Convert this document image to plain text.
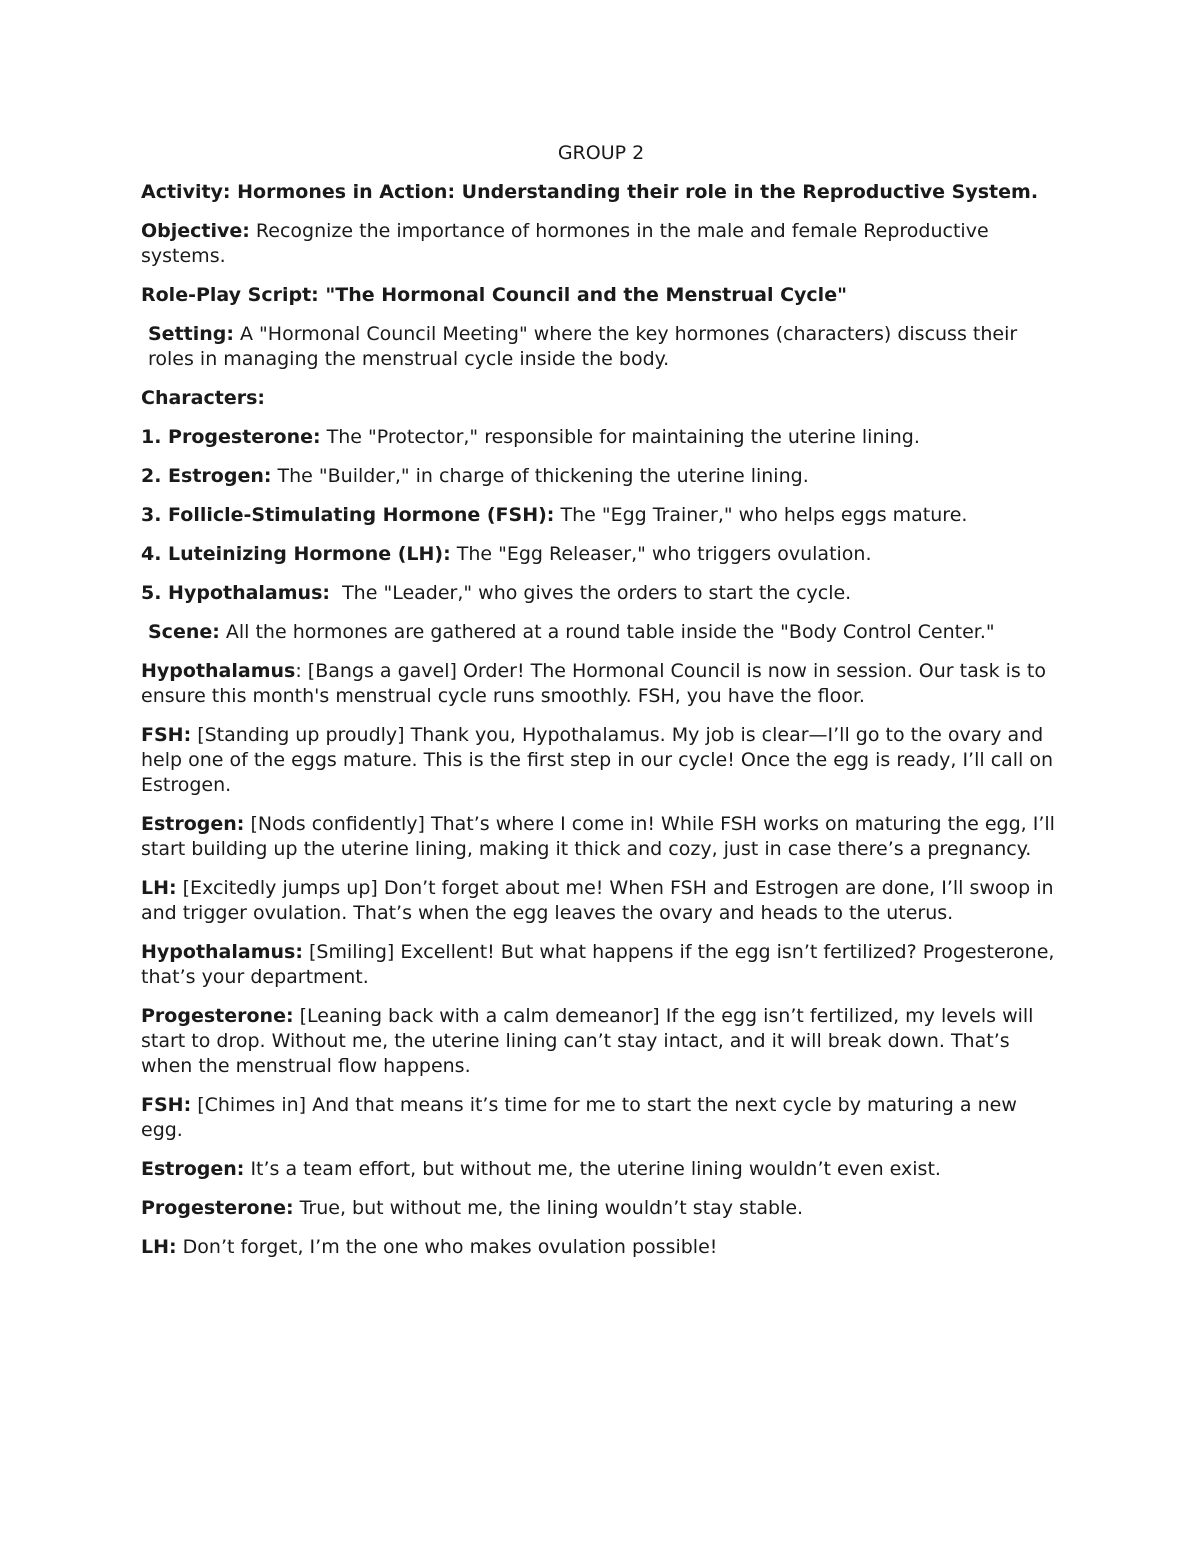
GROUP 2

Activity: Hormones in Action: Understanding their role in the Reproductive System.

Objective: Recognize the importance of hormones in the male and female Reproductive systems.

Role-Play Script: "The Hormonal Council and the Menstrual Cycle"

Setting: A "Hormonal Council Meeting" where the key hormones (characters) discuss their roles in managing the menstrual cycle inside the body.

Characters:

1. Progesterone: The "Protector," responsible for maintaining the uterine lining.

2. Estrogen: The "Builder," in charge of thickening the uterine lining.

3. Follicle-Stimulating Hormone (FSH): The "Egg Trainer," who helps eggs mature.

4. Luteinizing Hormone (LH): The "Egg Releaser," who triggers ovulation.

5. Hypothalamus:  The "Leader," who gives the orders to start the cycle.

Scene: All the hormones are gathered at a round table inside the "Body Control Center."

Hypothalamus: [Bangs a gavel] Order! The Hormonal Council is now in session. Our task is to ensure this month's menstrual cycle runs smoothly. FSH, you have the floor.

FSH: [Standing up proudly] Thank you, Hypothalamus. My job is clear—I’ll go to the ovary and help one of the eggs mature. This is the first step in our cycle! Once the egg is ready, I’ll call on Estrogen.

Estrogen: [Nods confidently] That’s where I come in! While FSH works on maturing the egg, I’ll start building up the uterine lining, making it thick and cozy, just in case there’s a pregnancy.

LH: [Excitedly jumps up] Don’t forget about me! When FSH and Estrogen are done, I’ll swoop in and trigger ovulation. That’s when the egg leaves the ovary and heads to the uterus.

Hypothalamus: [Smiling] Excellent! But what happens if the egg isn’t fertilized? Progesterone, that’s your department.

Progesterone: [Leaning back with a calm demeanor] If the egg isn’t fertilized, my levels will start to drop. Without me, the uterine lining can’t stay intact, and it will break down. That’s when the menstrual flow happens.

FSH: [Chimes in] And that means it’s time for me to start the next cycle by maturing a new egg.

Estrogen: It’s a team effort, but without me, the uterine lining wouldn’t even exist.

Progesterone: True, but without me, the lining wouldn’t stay stable.

LH: Don’t forget, I’m the one who makes ovulation possible!
